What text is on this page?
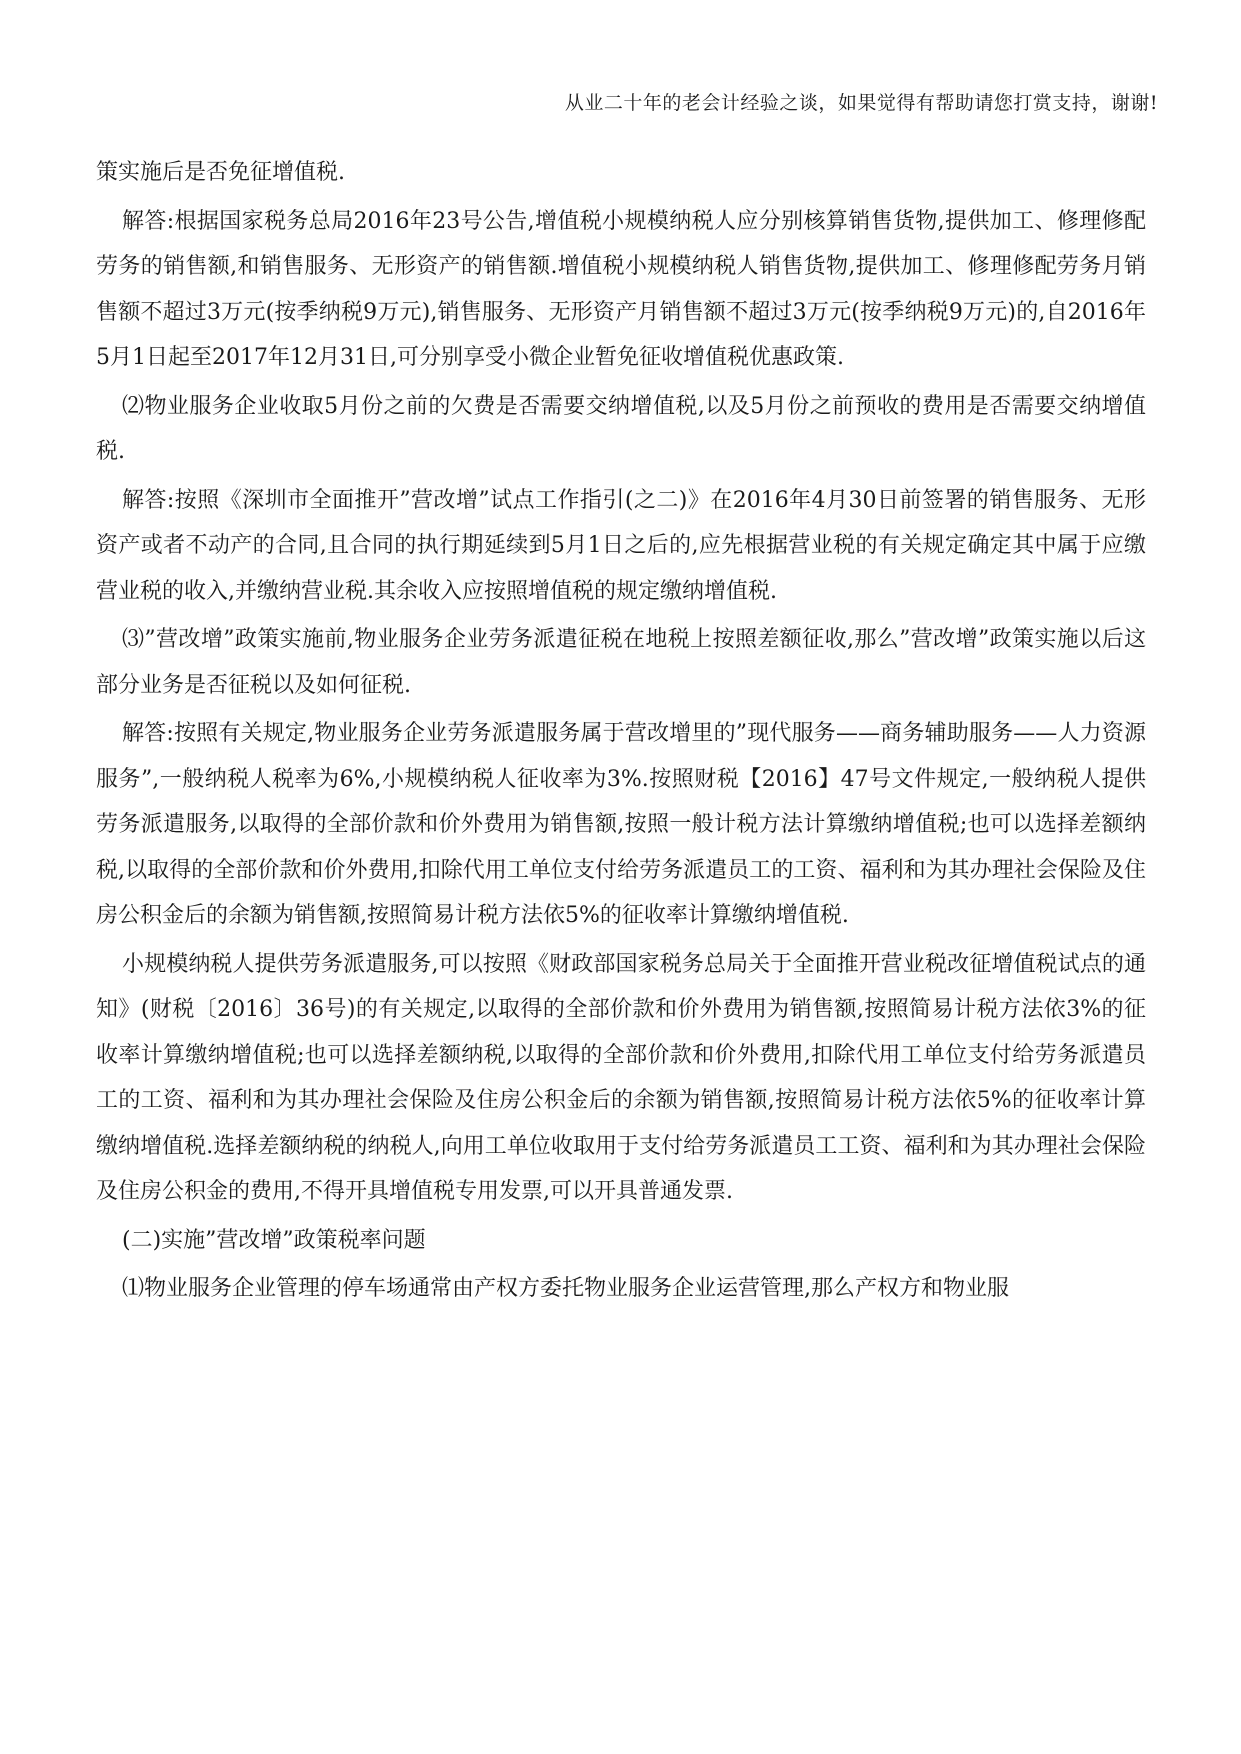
从业二十年的老会计经验之谈，如果觉得有帮助请您打赏支持，谢谢!

策实施后是否免征增值税.

解答:根据国家税务总局2016年23号公告,增值税小规模纳税人应分别核算销售货物,提供加工、修理修配劳务的销售额,和销售服务、无形资产的销售额.增值税小规模纳税人销售货物,提供加工、修理修配劳务月销售额不超过3万元(按季纳税9万元),销售服务、无形资产月销售额不超过3万元(按季纳税9万元)的,自2016年5月1日起至2017年12月31日,可分别享受小微企业暂免征收增值税优惠政策.

⑵物业服务企业收取5月份之前的欠费是否需要交纳增值税,以及5月份之前预收的费用是否需要交纳增值税.

解答:按照《深圳市全面推开”营改增”试点工作指引(之二)》在2016年4月30日前签署的销售服务、无形资产或者不动产的合同,且合同的执行期延续到5月1日之后的,应先根据营业税的有关规定确定其中属于应缴营业税的收入,并缴纳营业税.其余收入应按照增值税的规定缴纳增值税.

⑶”营改增”政策实施前,物业服务企业劳务派遣征税在地税上按照差额征收,那么”营改增”政策实施以后这部分业务是否征税以及如何征税.

解答:按照有关规定,物业服务企业劳务派遣服务属于营改增里的”现代服务——商务辅助服务——人力资源服务”,一般纳税人税率为6%,小规模纳税人征收率为3%.按照财税【2016】47号文件规定,一般纳税人提供劳务派遣服务,以取得的全部价款和价外费用为销售额,按照一般计税方法计算缴纳增值税;也可以选择差额纳税,以取得的全部价款和价外费用,扣除代用工单位支付给劳务派遣员工的工资、福利和为其办理社会保险及住房公积金后的余额为销售额,按照简易计税方法依5%的征收率计算缴纳增值税.

小规模纳税人提供劳务派遣服务,可以按照《财政部国家税务总局关于全面推开营业税改征增值税试点的通知》(财税〔2016〕36号)的有关规定,以取得的全部价款和价外费用为销售额,按照简易计税方法依3%的征收率计算缴纳增值税;也可以选择差额纳税,以取得的全部价款和价外费用,扣除代用工单位支付给劳务派遣员工的工资、福利和为其办理社会保险及住房公积金后的余额为销售额,按照简易计税方法依5%的征收率计算缴纳增值税.选择差额纳税的纳税人,向用工单位收取用于支付给劳务派遣员工工资、福利和为其办理社会保险及住房公积金的费用,不得开具增值税专用发票,可以开具普通发票.

(二)实施”营改增”政策税率问题

⑴物业服务企业管理的停车场通常由产权方委托物业服务企业运营管理,那么产权方和物业服
